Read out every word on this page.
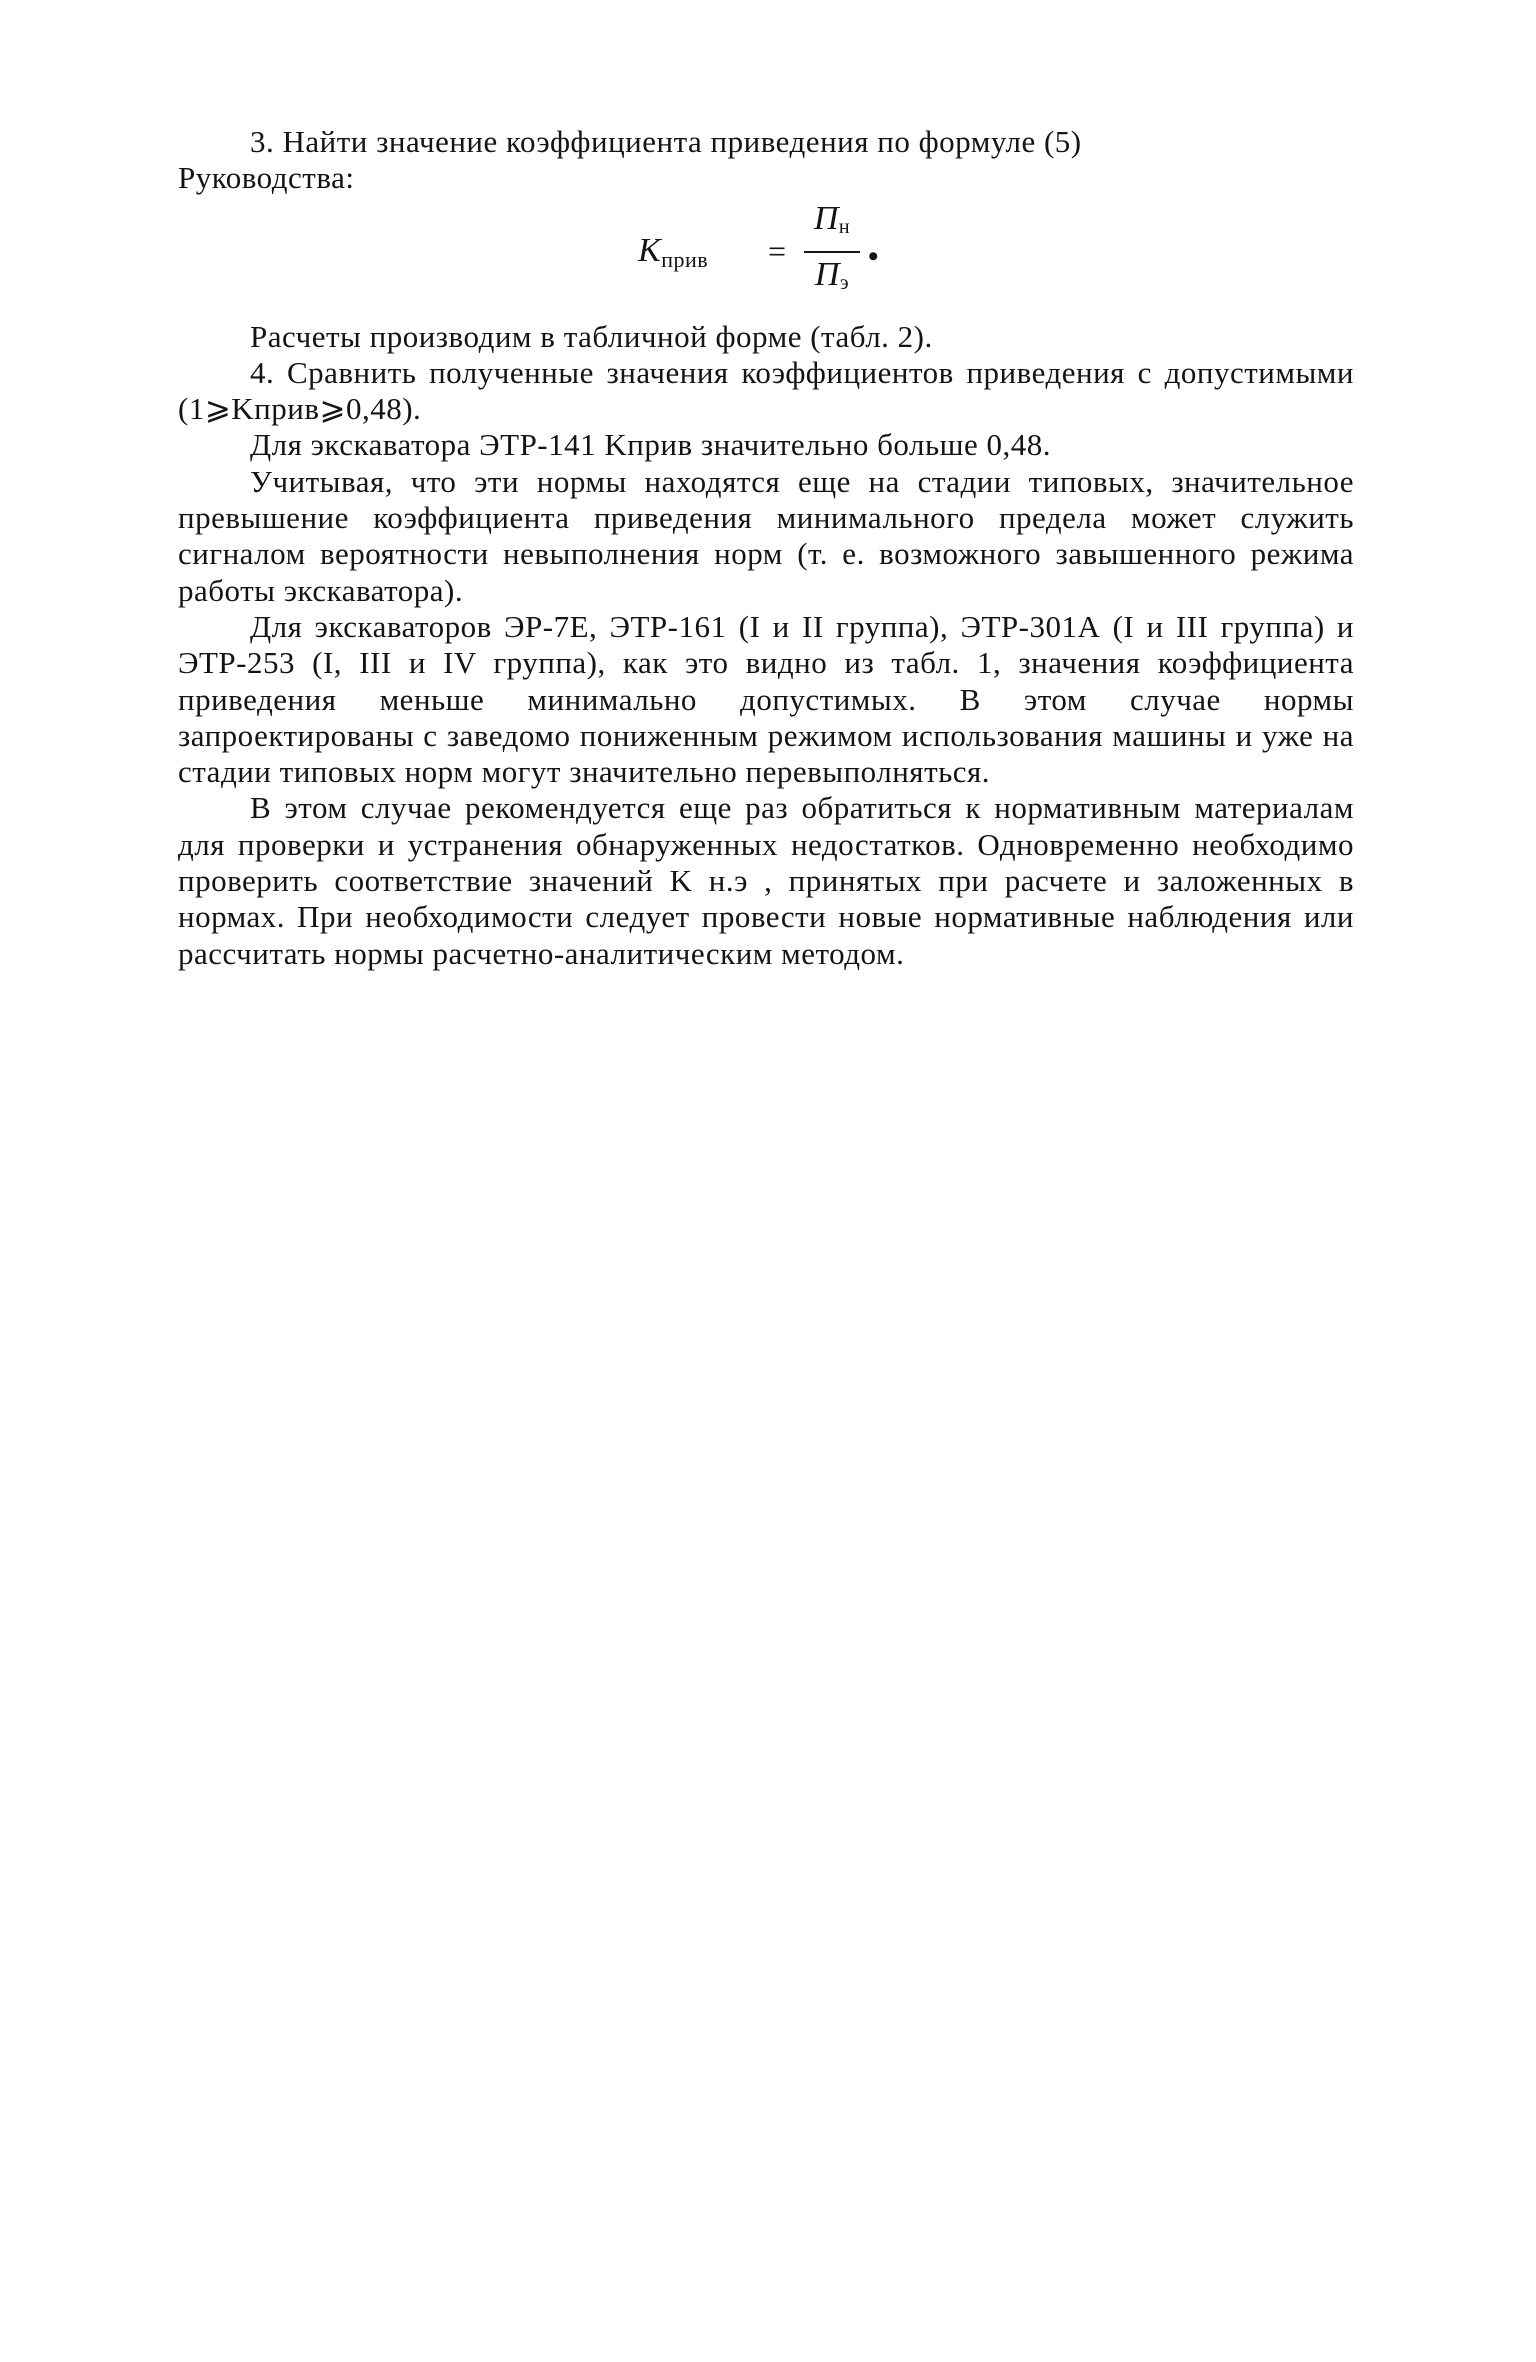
3. Найти значение коэффициента приведения по формуле (5)

Руководства:

$K_{прив}$ =
$П_н$
$П_э$
•

Расчеты производим в табличной форме (табл. 2).

4. Сравнить полученные значения коэффициентов приведения с допустимыми (1⩾Kприв⩾0,48).

Для экскаватора ЭТР-141 Kприв значительно больше 0,48.

Учитывая, что эти нормы находятся еще на стадии типовых, значительное превышение коэффициента приведения минимального предела может служить сигналом вероятности невыполнения норм (т. е. возможного завышенного режима работы экскаватора).

Для экскаваторов ЭР-7Е, ЭТР-161 (I и II группа), ЭТР-301А (I и III группа) и ЭТР-253 (I, III и IV группа), как это видно из табл. 1, значения коэффициента приведения меньше минимально допустимых. В этом случае нормы запроектированы с заведомо пониженным режимом использования машины и уже на стадии типовых норм могут значительно перевыполняться.

В этом случае рекомендуется еще раз обратиться к нормативным материалам для проверки и устранения обнаруженных недостатков. Одновременно необходимо проверить соответствие значений K н.э , принятых при расчете и заложенных в нормах. При необходимости следует провести новые нормативные наблюдения или рассчитать нормы расчетно-аналитическим методом.
